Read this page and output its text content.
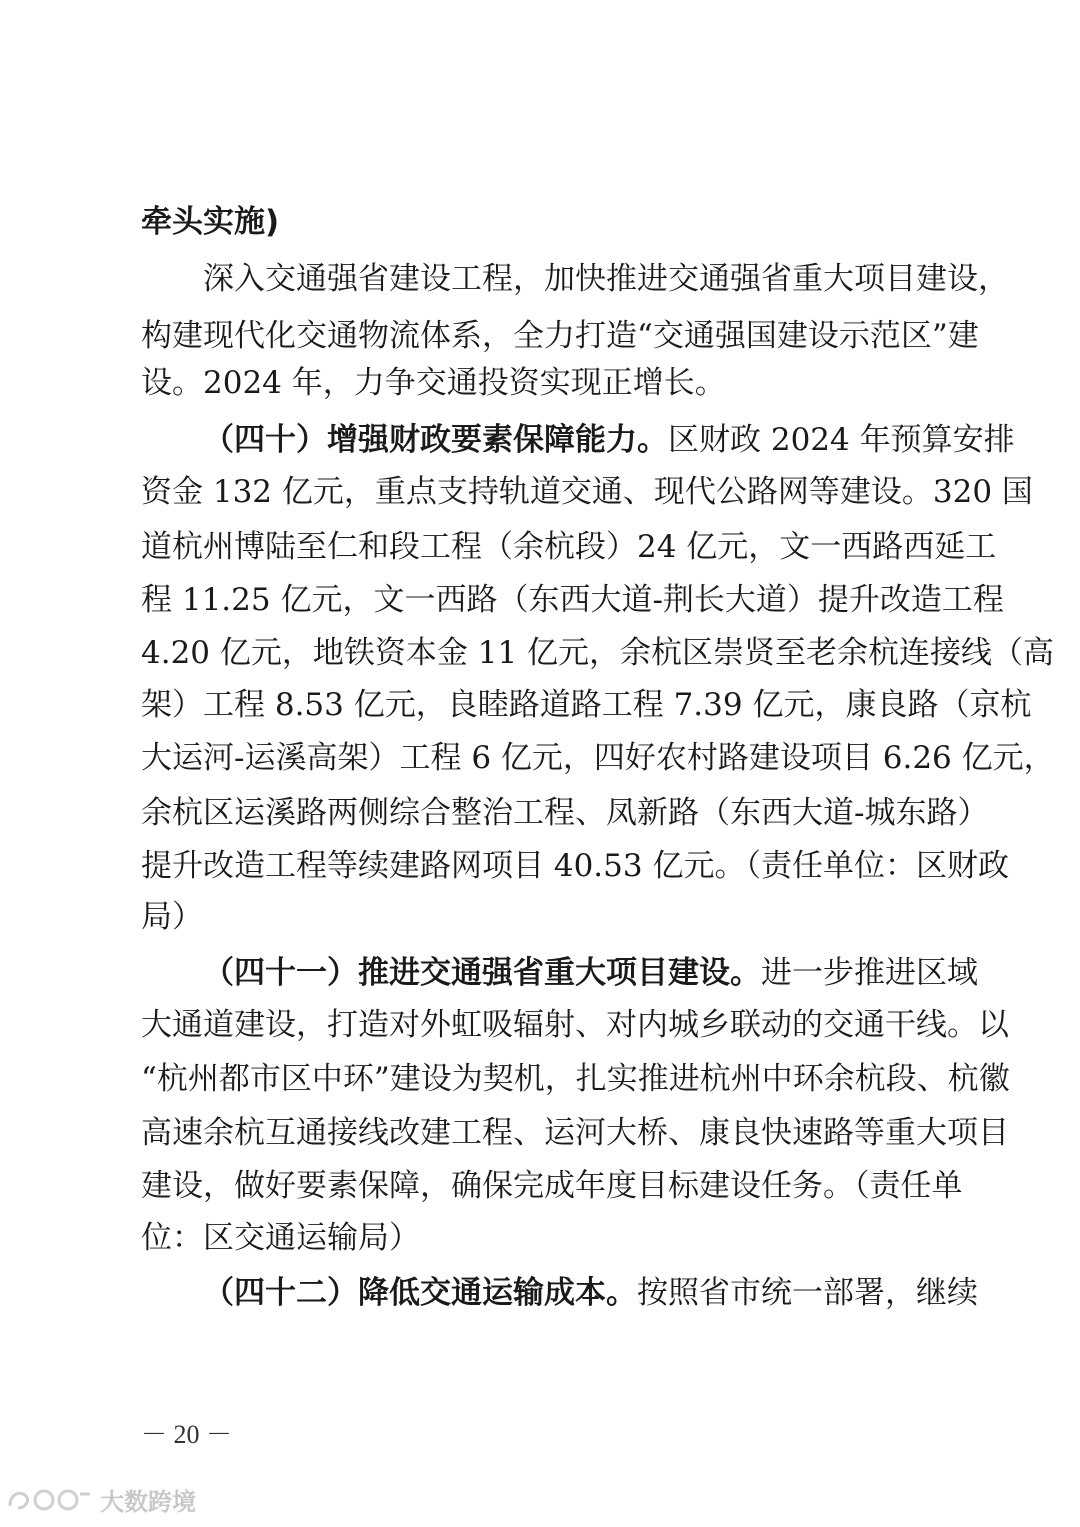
牵头实施)
深入交通强省建设工程，加快推进交通强省重大项目建设，
构建现代化交通物流体系，全力打造“交通强国建设示范区”建
设。2024 年，力争交通投资实现正增长。
（四十）增强财政要素保障能力。区财政 2024 年预算安排
资金 132 亿元，重点支持轨道交通、现代公路网等建设。320 国
道杭州博陆至仁和段工程（余杭段）24 亿元，文一西路西延工
程 11.25 亿元，文一西路（东西大道-荆长大道）提升改造工程
4.20 亿元，地铁资本金 11 亿元，余杭区崇贤至老余杭连接线（高
架）工程 8.53 亿元，良睦路道路工程 7.39 亿元，康良路（京杭
大运河-运溪高架）工程 6 亿元，四好农村路建设项目 6.26 亿元，
余杭区运溪路两侧综合整治工程、凤新路（东西大道-城东路）
提升改造工程等续建路网项目 40.53 亿元。（责任单位：区财政
局）
（四十一）推进交通强省重大项目建设。进一步推进区域
大通道建设，打造对外虹吸辐射、对内城乡联动的交通干线。以
“杭州都市区中环”建设为契机，扎实推进杭州中环余杭段、杭徽
高速余杭互通接线改建工程、运河大桥、康良快速路等重大项目
建设，做好要素保障，确保完成年度目标建设任务。（责任单
位：区交通运输局）
（四十二）降低交通运输成本。按照省市统一部署，继续
－ 20 －
大数跨境
